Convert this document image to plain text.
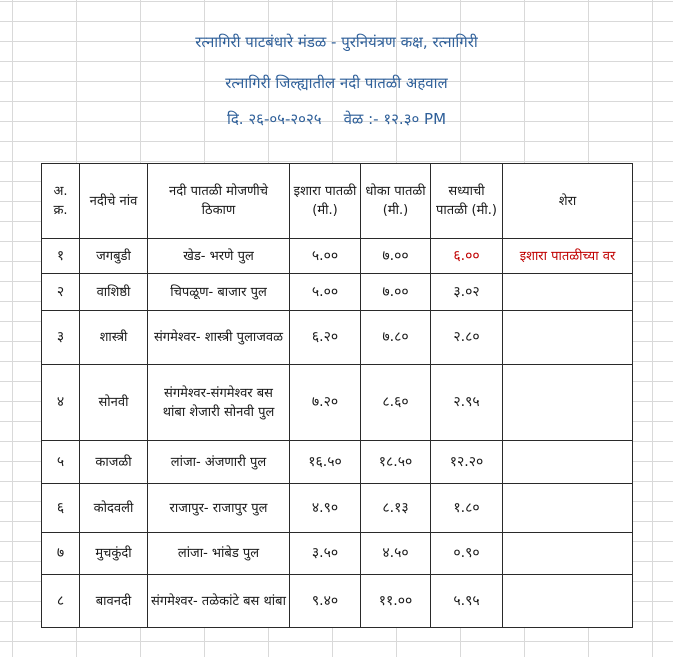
रत्नागिरी पाटबंधारे मंडळ - पुरनियंत्रण कक्ष, रत्नागिरी
रत्नागिरी जिल्ह्यातील नदी पातळी अहवाल
दि. २६-०५-२०२५ वेळ :- १२.३० PM
अ. क्र.	नदीचे नांव	नदी पातळी मोजणीचे ठिकाण	इशारा पातळी (मी.)	धोका पातळी (मी.)	सध्याची पातळी (मी.)	शेरा
१	जगबुडी	खेड- भरणे पुल	५.००	७.००	६.००	इशारा पातळीच्या वर
२	वाशिष्ठी	चिपळूण- बाजार पुल	५.००	७.००	३.०२	
३	शास्त्री	संगमेश्वर- शास्त्री पुलाजवळ	६.२०	७.८०	२.८०	
४	सोनवी	संगमेश्वर-संगमेश्वर बस थांबा शेजारी सोनवी पुल	७.२०	८.६०	२.९५	
५	काजळी	लांजा- अंजणारी पुल	१६.५०	१८.५०	१२.२०	
६	कोदवली	राजापुर- राजापुर पुल	४.९०	८.१३	१.८०	
७	मुचकुंदी	लांजा- भांबेड पुल	३.५०	४.५०	०.९०	
८	बावनदी	संगमेश्वर- तळेकांटे बस थांबा	९.४०	११.००	५.९५	
